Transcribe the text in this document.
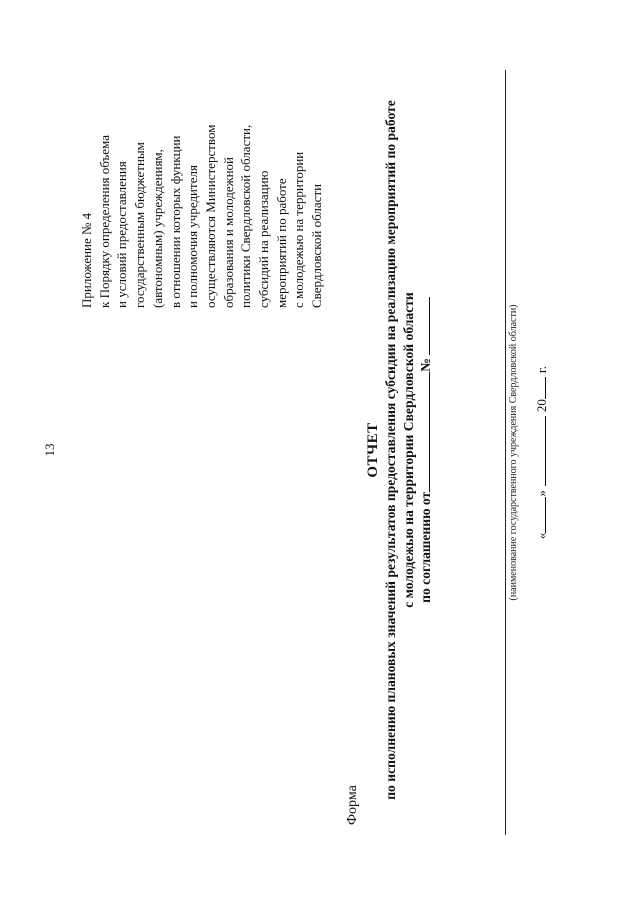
13
Приложение № 4 к Порядку определения объема и условий предоставления государственным бюджетным (автономным) учреждениям, в отношении которых функции и полномочия учредителя осуществляются Министерством образования и молодежной политики Свердловской области, субсидий на реализацию мероприятий по работе с молодежью на территории Свердловской области
Форма
ОТЧЕТ по исполнению плановых значений результатов предоставления субсидии на реализацию мероприятий по работе с молодежью на территории Свердловской области по соглашению от№	(наименование государственного учреждения Свердловской области) «»20г.
